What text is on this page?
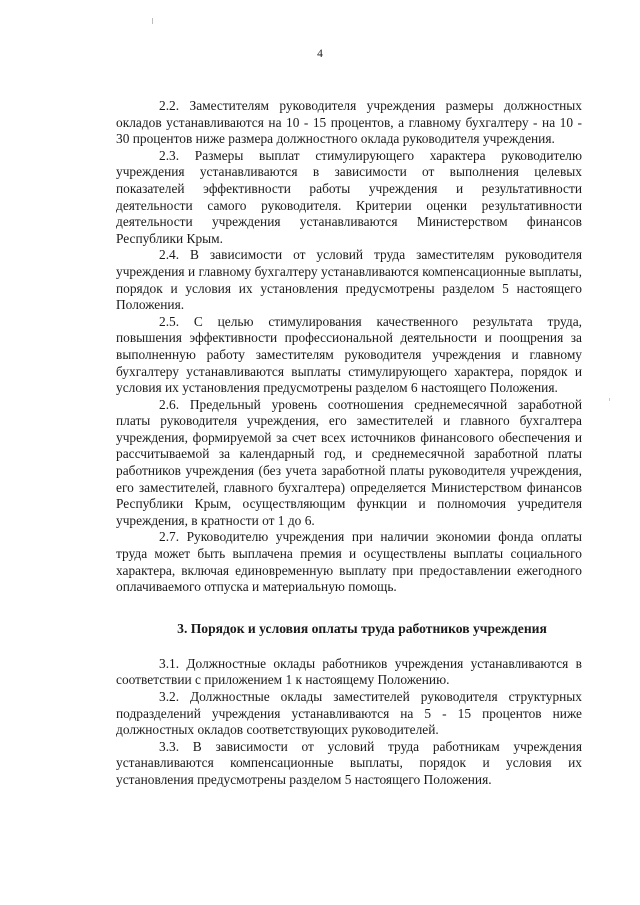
4

2.2. Заместителям руководителя учреждения размеры должностных окладов устанавливаются на 10 - 15 процентов, а главному бухгалтеру - на 10 - 30 процентов ниже размера должностного оклада руководителя учреждения.

2.3. Размеры выплат стимулирующего характера руководителю учреждения устанавливаются в зависимости от выполнения целевых показателей эффективности работы учреждения и результативности деятельности самого руководителя. Критерии оценки результативности деятельности учреждения устанавливаются Министерством финансов Республики Крым.

2.4. В зависимости от условий труда заместителям руководителя учреждения и главному бухгалтеру устанавливаются компенсационные выплаты, порядок и условия их установления предусмотрены разделом 5 настоящего Положения.

2.5. С целью стимулирования качественного результата труда, повышения эффективности профессиональной деятельности и поощрения за выполненную работу заместителям руководителя учреждения и главному бухгалтеру устанавливаются выплаты стимулирующего характера, порядок и условия их установления предусмотрены разделом 6 настоящего Положения.

2.6. Предельный уровень соотношения среднемесячной заработной платы руководителя учреждения, его заместителей и главного бухгалтера учреждения, формируемой за счет всех источников финансового обеспечения и рассчитываемой за календарный год, и среднемесячной заработной платы работников учреждения (без учета заработной платы руководителя учреждения, его заместителей, главного бухгалтера) определяется Министерством финансов Республики Крым, осуществляющим функции и полномочия учредителя учреждения, в кратности от 1 до 6.

2.7. Руководителю учреждения при наличии экономии фонда оплаты труда может быть выплачена премия и осуществлены выплаты социального характера, включая единовременную выплату при предоставлении ежегодного оплачиваемого отпуска и материальную помощь.

3. Порядок и условия оплаты труда работников учреждения

3.1. Должностные оклады работников учреждения устанавливаются в соответствии с приложением 1 к настоящему Положению.

3.2. Должностные оклады заместителей руководителя структурных подразделений учреждения устанавливаются на 5 - 15 процентов ниже должностных окладов соответствующих руководителей.

3.3. В зависимости от условий труда работникам учреждения устанавливаются компенсационные выплаты, порядок и условия их установления предусмотрены разделом 5 настоящего Положения.
